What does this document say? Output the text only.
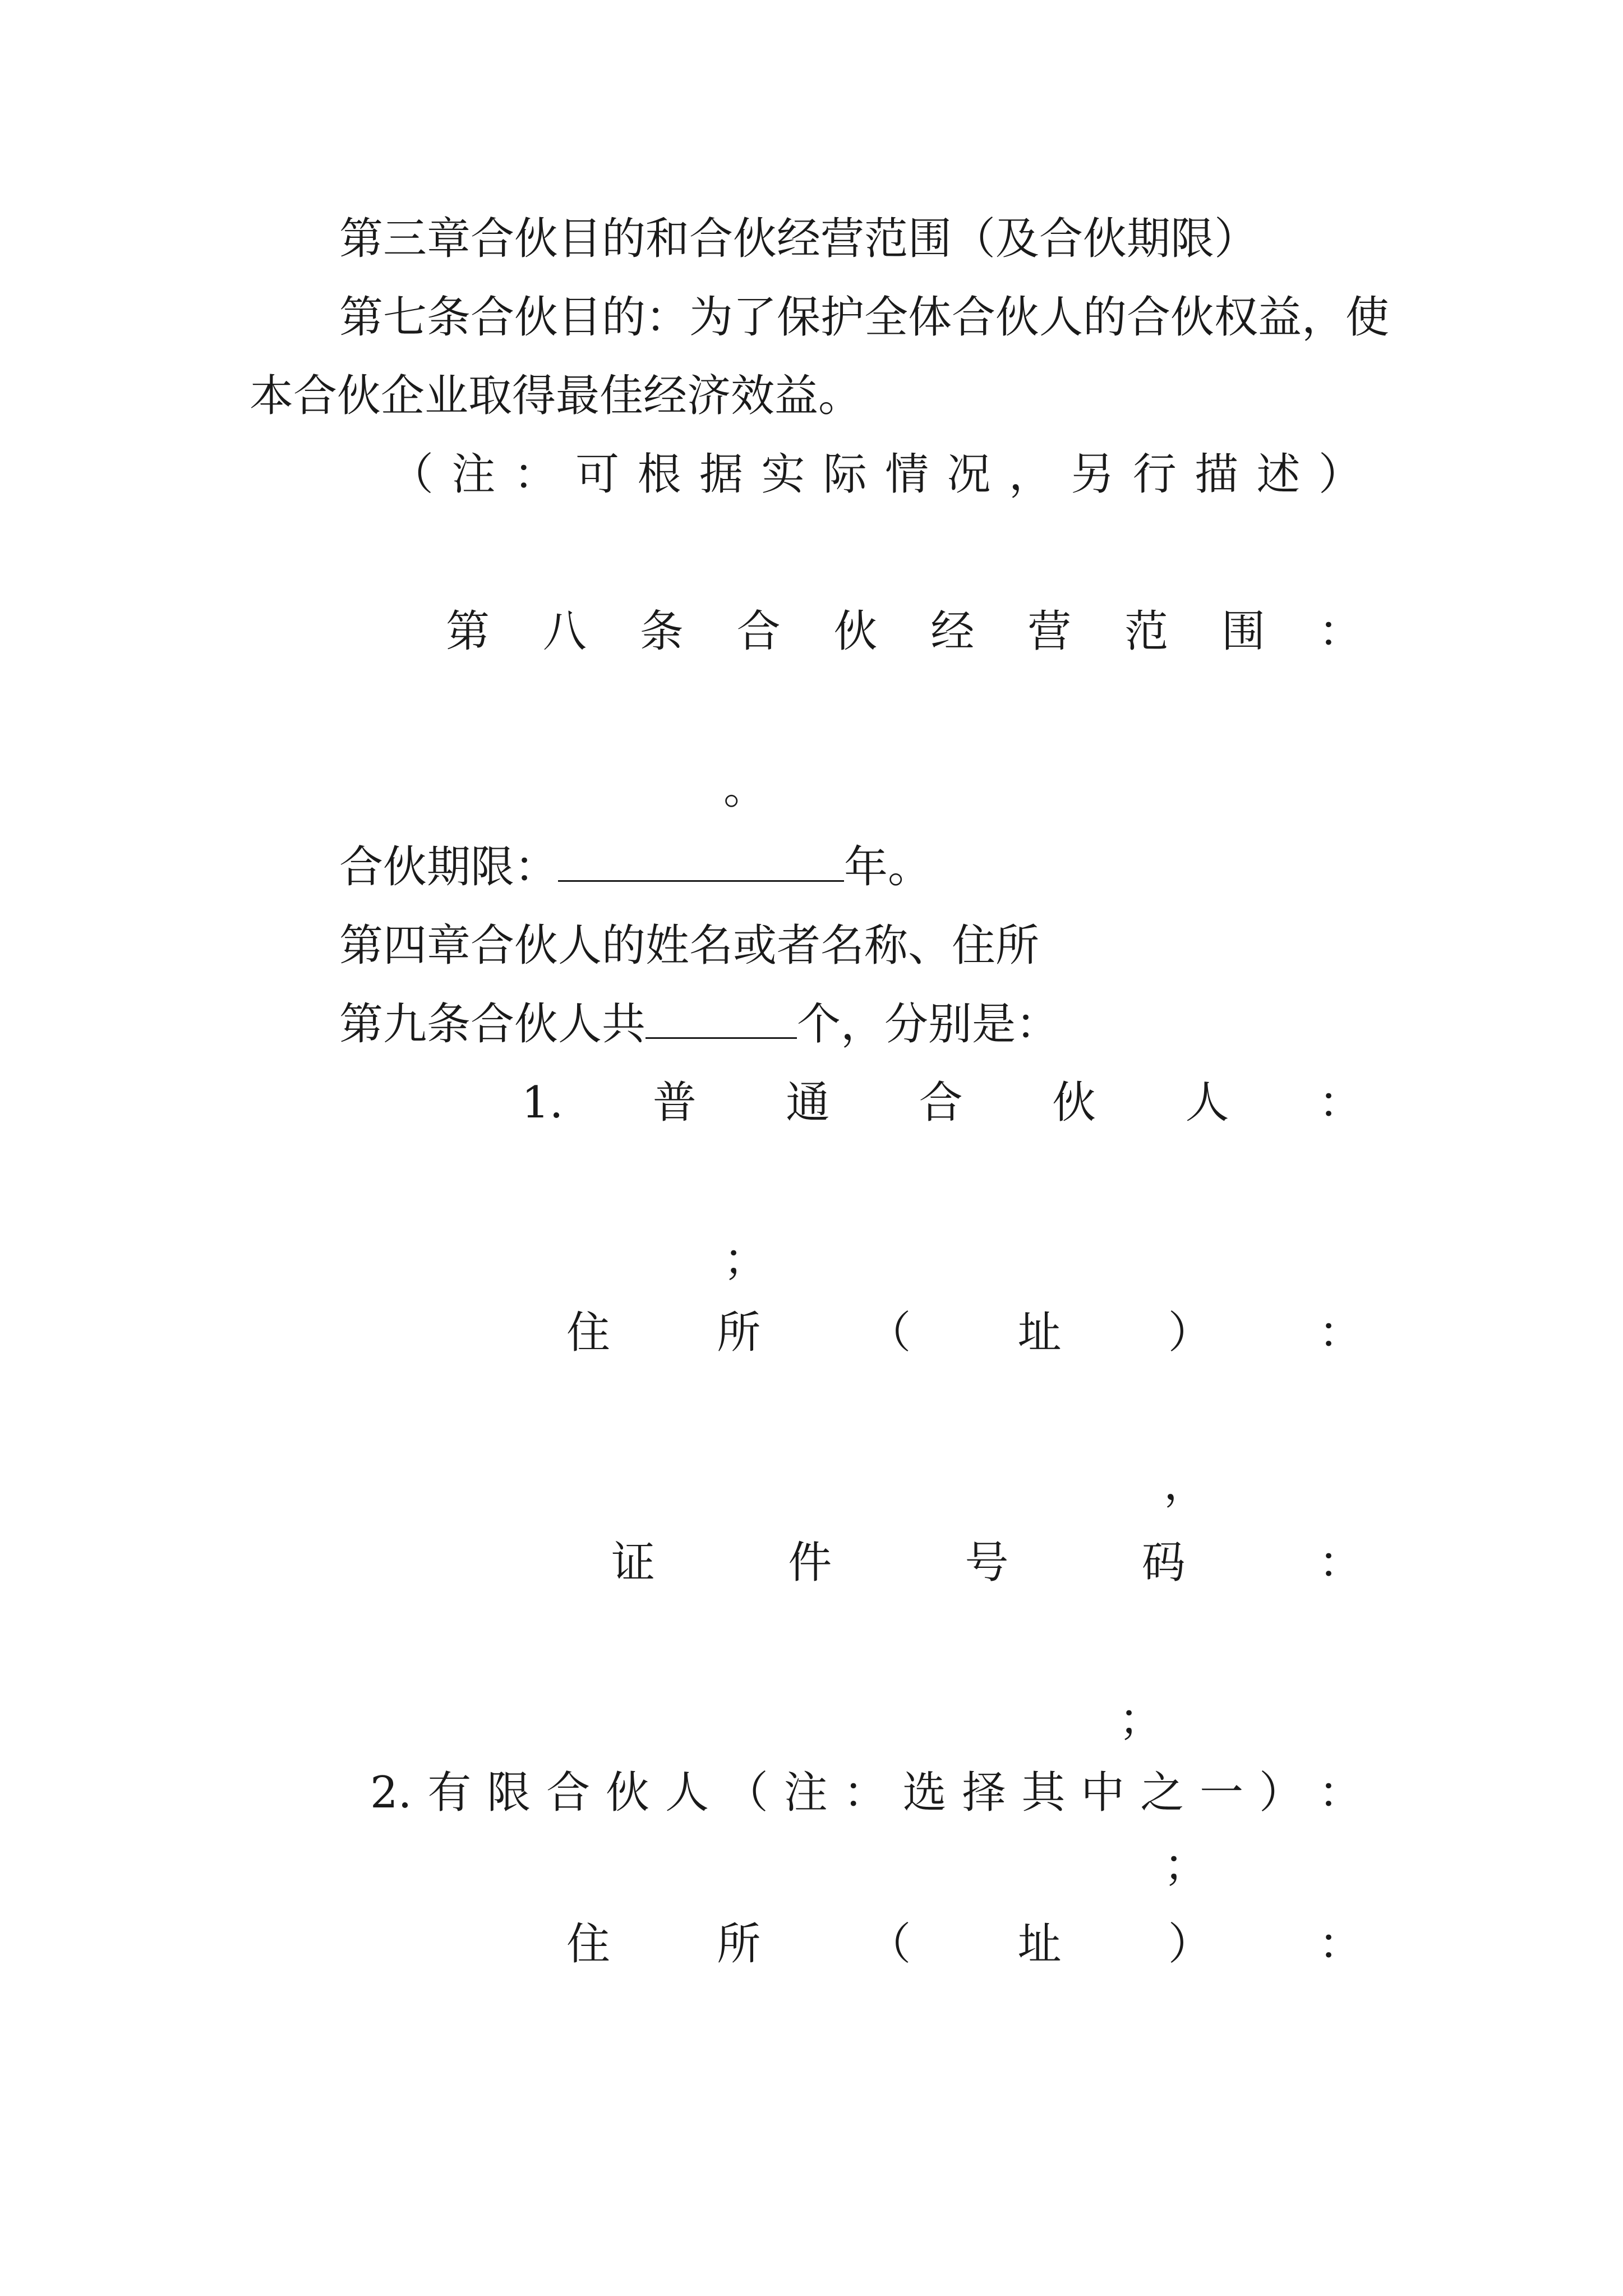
第三章合伙目的和合伙经营范围（及合伙期限）
第七条合伙目的：为了保护全体合伙人的合伙权益，使
本合伙企业取得最佳经济效益。
（ 注 ： 可 根 据 实 际 情 况 ， 另 行 描 述 ）
第 八 条 合 伙 经 营 范 围 ：
。
合伙期限：	年。
第四章合伙人的姓名或者名称、住所
第九条合伙人共	个，分别是：
1. 普 通 合 伙 人 ：
；
住 所 （ 址 ） ：
，
证	件	号	码	：
；
2. 有 限 合 伙 人 （ 注 ： 选 择 其 中 之 一 ） ：
；
住 所 （ 址 ） ：
